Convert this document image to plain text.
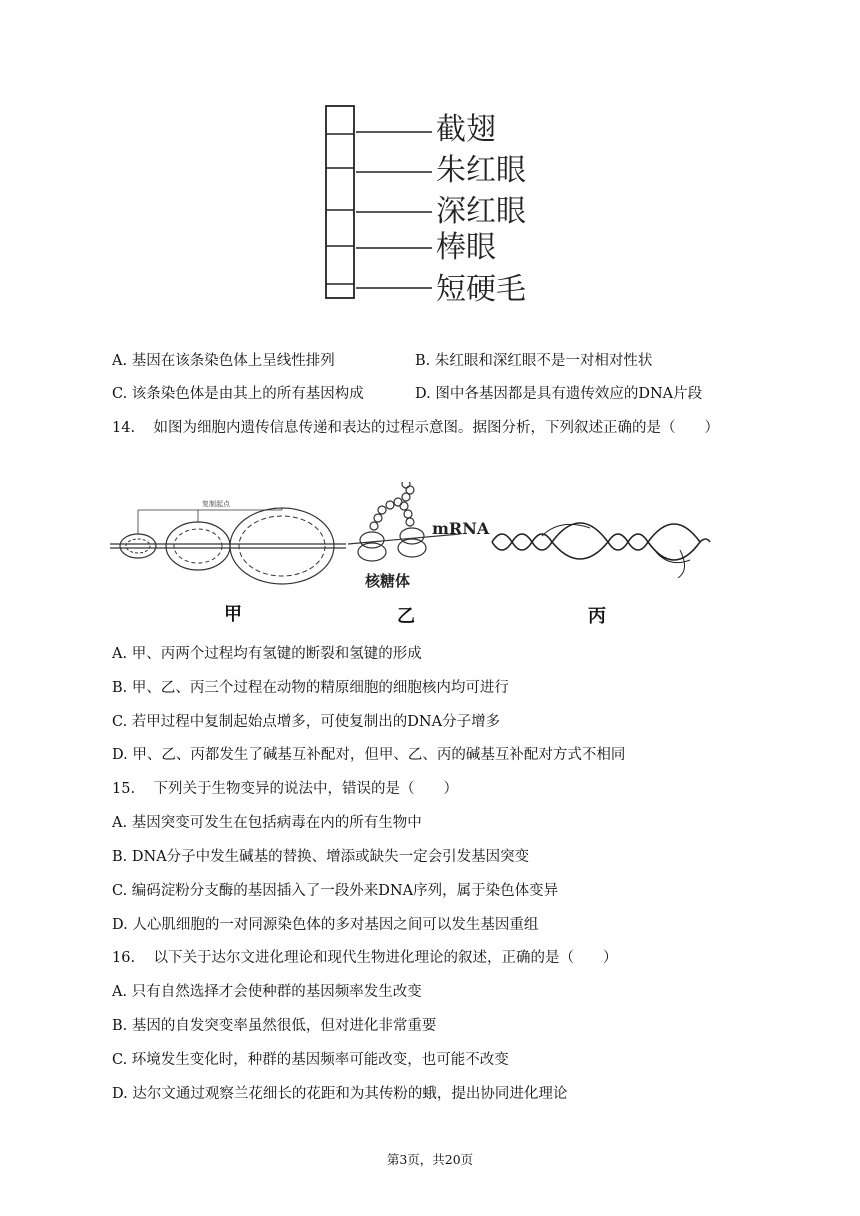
截翅
朱红眼
深红眼
棒眼
短硬毛
A. 基因在该条染色体上呈线性排列	B. 朱红眼和深红眼不是一对相对性状
C. 该条染色体是由其上的所有基因构成	D. 图中各基因都是具有遗传效应的DNA片段
14. 如图为细胞内遗传信息传递和表达的过程示意图。据图分析，下列叙述正确的是（　　）
复制起点
mRNA
核糖体
甲	乙	丙
A. 甲、丙两个过程均有氢键的断裂和氢键的形成
B. 甲、乙、丙三个过程在动物的精原细胞的细胞核内均可进行
C. 若甲过程中复制起始点增多，可使复制出的DNA分子增多
D. 甲、乙、丙都发生了碱基互补配对，但甲、乙、丙的碱基互补配对方式不相同
15. 下列关于生物变异的说法中，错误的是（　　）
A. 基因突变可发生在包括病毒在内的所有生物中
B. DNA分子中发生碱基的替换、增添或缺失一定会引发基因突变
C. 编码淀粉分支酶的基因插入了一段外来DNA序列，属于染色体变异
D. 人心肌细胞的一对同源染色体的多对基因之间可以发生基因重组
16. 以下关于达尔文进化理论和现代生物进化理论的叙述，正确的是（　　）
A. 只有自然选择才会使种群的基因频率发生改变
B. 基因的自发突变率虽然很低，但对进化非常重要
C. 环境发生变化时，种群的基因频率可能改变，也可能不改变
D. 达尔文通过观察兰花细长的花距和为其传粉的蛾，提出协同进化理论
第3页，共20页
